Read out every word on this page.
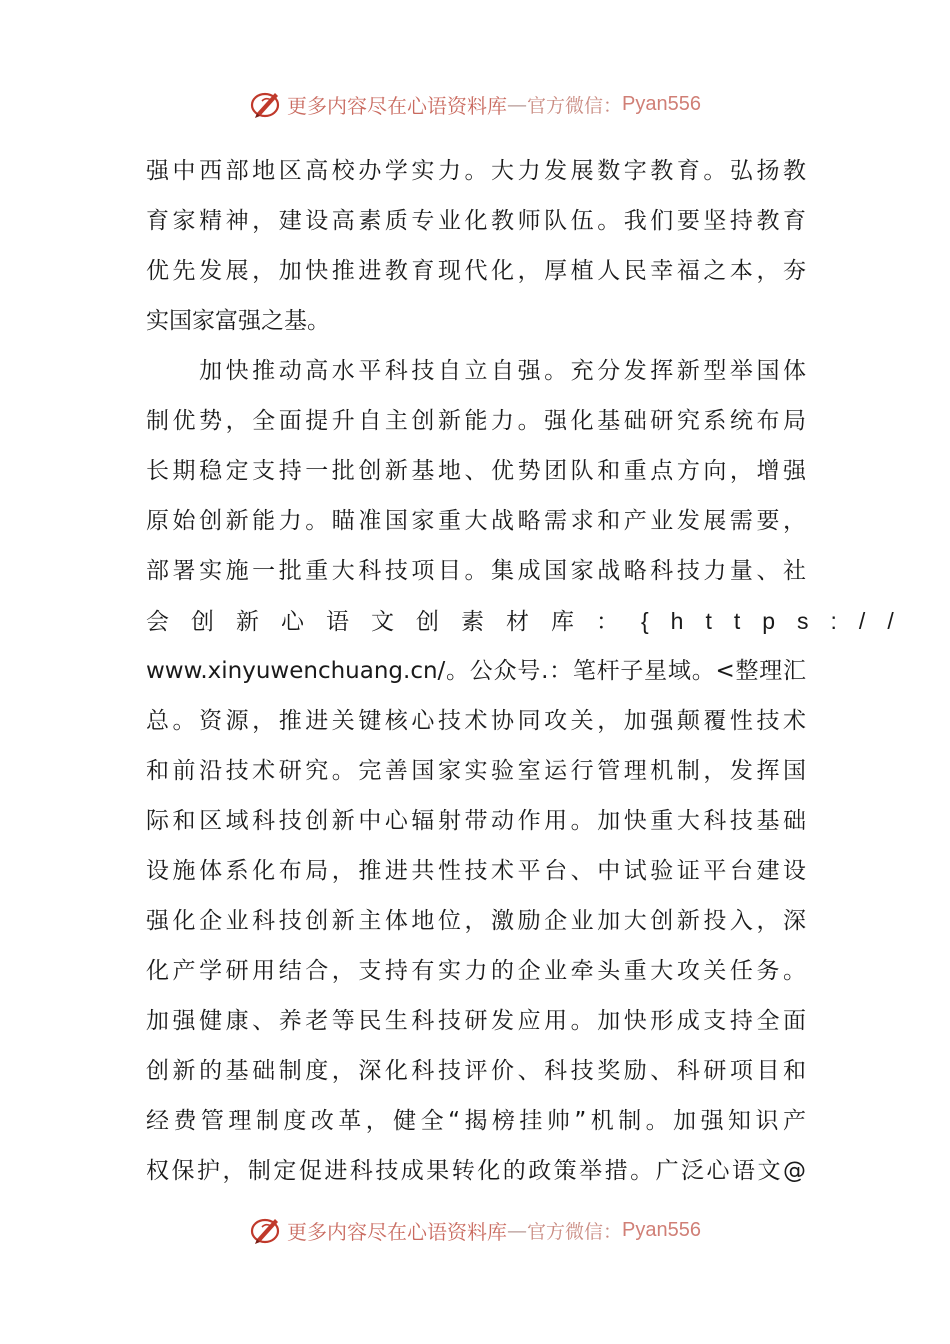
更多内容尽在心语资料库 — 官方微信： Pyan556
强中西部地区高校办学实力。大力发展数字教育。弘扬教
育家精神，建设高素质专业化教师队伍。我们要坚持教育
优先发展，加快推进教育现代化，厚植人民幸福之本，夯
实国家富强之基。
　　加快推动高水平科技自立自强。充分发挥新型举国体
制优势，全面提升自主创新能力。强化基础研究系统布局
长期稳定支持一批创新基地、优势团队和重点方向，增强
原始创新能力。瞄准国家重大战略需求和产业发展需要，
部署实施一批重大科技项目。集成国家战略科技力量、社
会创新心语文创素材库：{https://
www.xinyuwenchuang.cn/。公众号.：笔杆子星域。<整理汇
总。资源，推进关键核心技术协同攻关，加强颠覆性技术
和前沿技术研究。完善国家实验室运行管理机制，发挥国
际和区域科技创新中心辐射带动作用。加快重大科技基础
设施体系化布局，推进共性技术平台、中试验证平台建设
强化企业科技创新主体地位，激励企业加大创新投入，深
化产学研用结合，支持有实力的企业牵头重大攻关任务。
加强健康、养老等民生科技研发应用。加快形成支持全面
创新的基础制度，深化科技评价、科技奖励、科研项目和
经费管理制度改革，健全“揭榜挂帅”机制。加强知识产
权保护，制定促进科技成果转化的政策举措。广泛心语文@
更多内容尽在心语资料库 — 官方微信： Pyan556
